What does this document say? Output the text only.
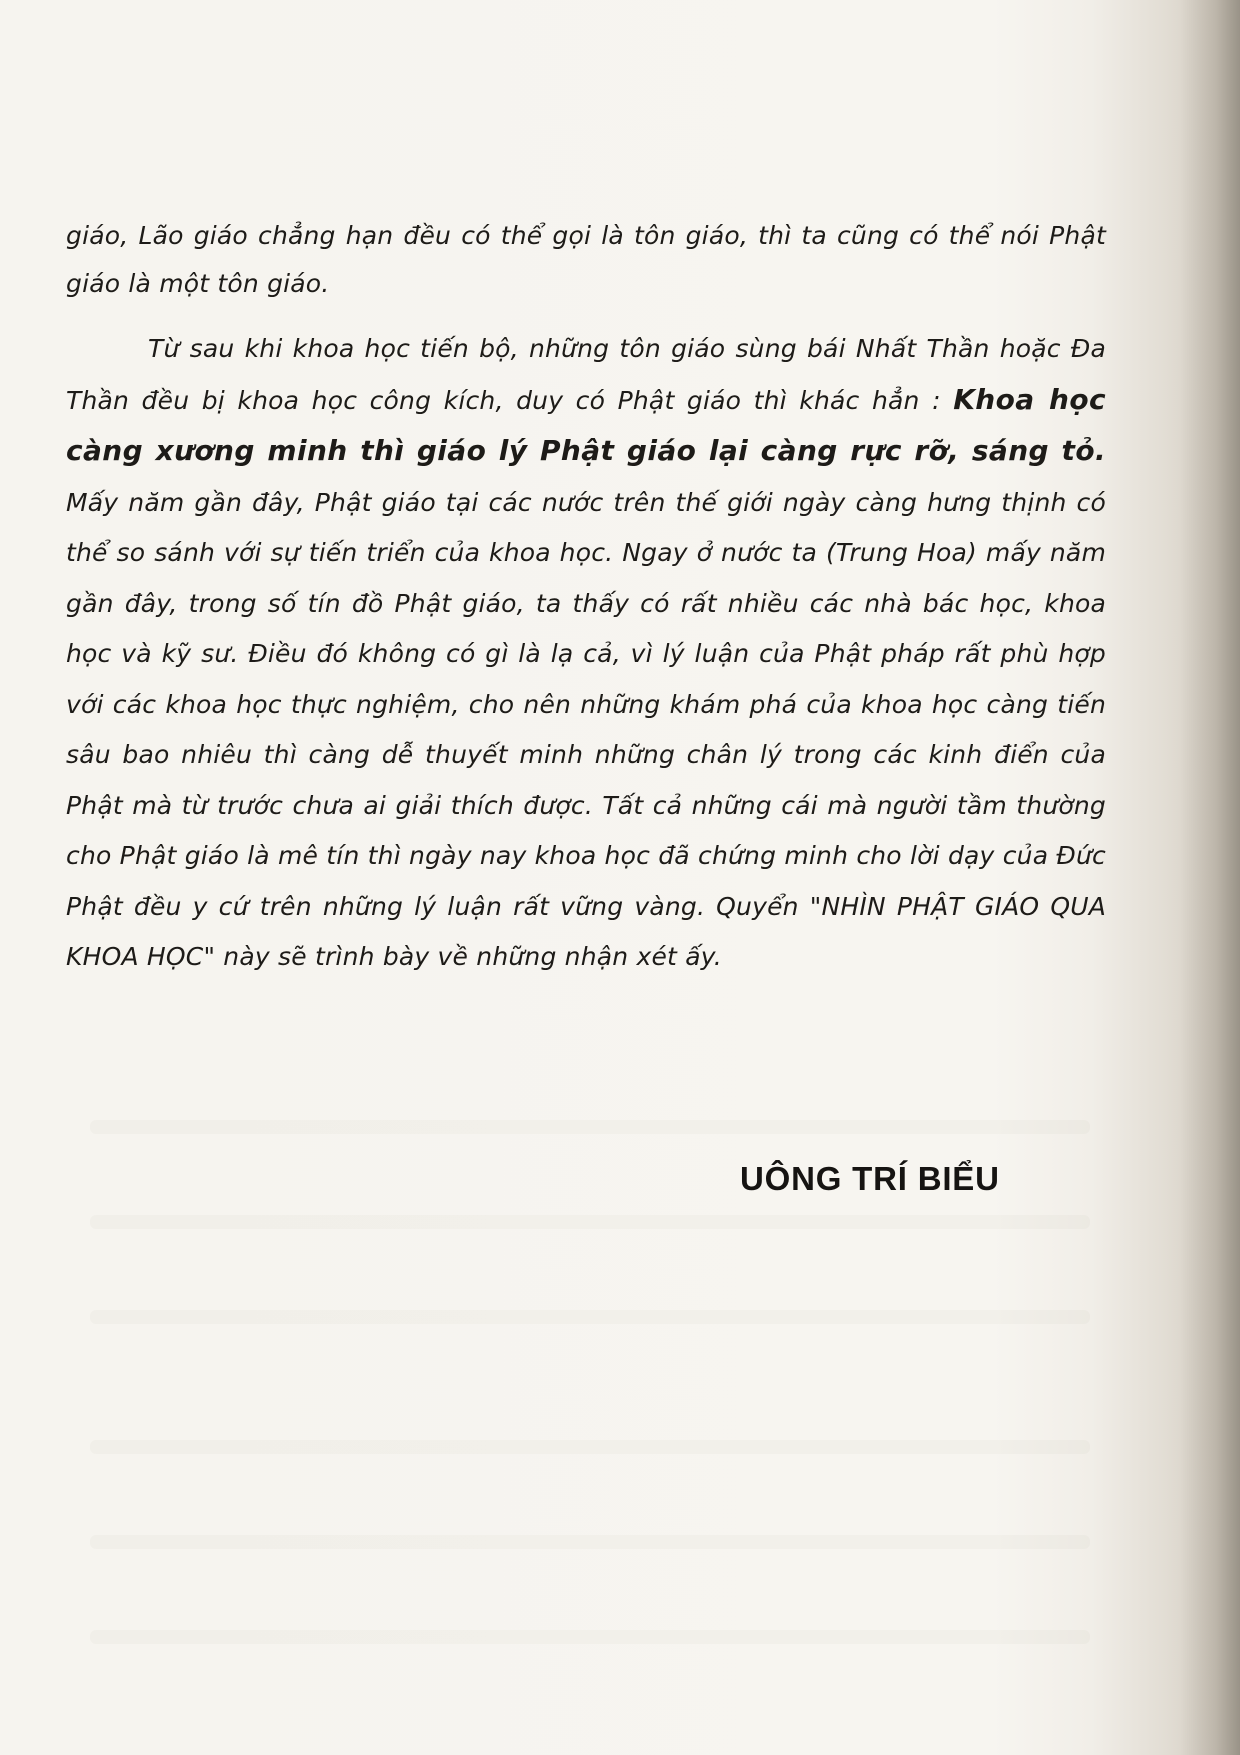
giáo, Lão giáo chẳng hạn đều có thể gọi là tôn giáo, thì ta cũng có thể nói Phật giáo là một tôn giáo.

Từ sau khi khoa học tiến bộ, những tôn giáo sùng bái Nhất Thần hoặc Đa Thần đều bị khoa học công kích, duy có Phật giáo thì khác hẳn : Khoa học càng xương minh thì giáo lý Phật giáo lại càng rực rỡ, sáng tỏ. Mấy năm gần đây, Phật giáo tại các nước trên thế giới ngày càng hưng thịnh có thể so sánh với sự tiến triển của khoa học. Ngay ở nước ta (Trung Hoa) mấy năm gần đây, trong số tín đồ Phật giáo, ta thấy có rất nhiều các nhà bác học, khoa học và kỹ sư. Điều đó không có gì là lạ cả, vì lý luận của Phật pháp rất phù hợp với các khoa học thực nghiệm, cho nên những khám phá của khoa học càng tiến sâu bao nhiêu thì càng dễ thuyết minh những chân lý trong các kinh điển của Phật mà từ trước chưa ai giải thích được. Tất cả những cái mà người tầm thường cho Phật giáo là mê tín thì ngày nay khoa học đã chứng minh cho lời dạy của Đức Phật đều y cứ trên những lý luận rất vững vàng. Quyển "NHÌN PHẬT GIÁO QUA KHOA HỌC" này sẽ trình bày về những nhận xét ấy.

UÔNG TRÍ BIỂU
